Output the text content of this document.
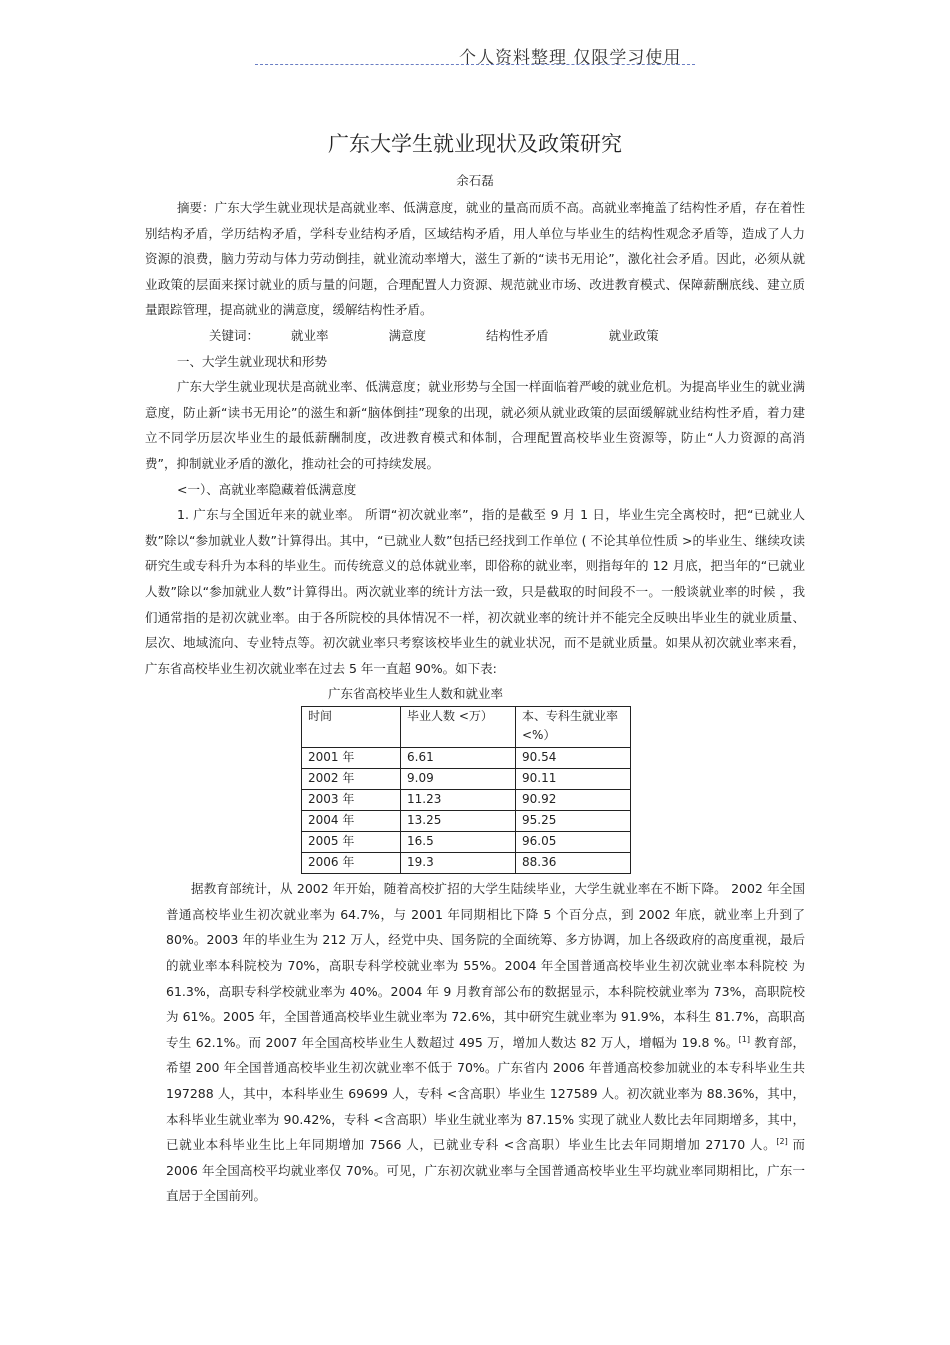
个人资料整理 仅限学习使用
广东大学生就业现状及政策研究
余石磊

摘要：广东大学生就业现状是高就业率、低满意度，就业的量高而质不高。高就业率掩盖了结构性矛盾，存在着性别结构矛盾，学历结构矛盾，学科专业结构矛盾，区域结构矛盾，用人单位与毕业生的结构性观念矛盾等，造成了人力资源的浪费，脑力劳动与体力劳动倒挂，就业流动率增大，滋生了新的“读书无用论”，激化社会矛盾。因此，必须从就业政策的层面来探讨就业的质与量的问题，合理配置人力资源、规范就业市场、改进教育模式、保障薪酬底线、建立质量跟踪管理，提高就业的满意度，缓解结构性矛盾。

关键词：	就业率	满意度	结构性矛盾	就业政策

一、大学生就业现状和形势

广东大学生就业现状是高就业率、低满意度；就业形势与全国一样面临着严峻的就业危机。为提高毕业生的就业满意度，防止新“读书无用论”的滋生和新“脑体倒挂”现象的出现，就必须从就业政策的层面缓解就业结构性矛盾，着力建立不同学历层次毕业生的最低薪酬制度，改进教育模式和体制，合理配置高校毕业生资源等，防止“人力资源的高消费”，抑制就业矛盾的激化，推动社会的可持续发展。

<一）、高就业率隐藏着低满意度

1. 广东与全国近年来的就业率。 所谓“初次就业率”，指的是截至 9 月 1 日，毕业生完全离校时，把“已就业人数”除以“参加就业人数”计算得出。其中，“已就业人数”包括已经找到工作单位 ( 不论其单位性质 >的毕业生、继续攻读研究生或专科升为本科的毕业生。而传统意义的总体就业率，即俗称的就业率，则指每年的 12 月底，把当年的“已就业人数”除以“参加就业人数”计算得出。两次就业率的统计方法一致，只是截取的时间段不一。一般谈就业率的时候 ，我们通常指的是初次就业率。由于各所院校的具体情况不一样，初次就业率的统计并不能完全反映出毕业生的就业质量、层次、地域流向、专业特点等。初次就业率只考察该校毕业生的就业状况，而不是就业质量。如果从初次就业率来看，广东省高校毕业生初次就业率在过去 5 年一直超 90%。如下表:

广东省高校毕业生人数和就业率
时间	毕业人数 <万）	本、专科生就业率 <%）
2001 年	6.61	90.54
2002 年	9.09	90.11
2003 年	11.23	90.92
2004 年	13.25	95.25
2005 年	16.5	96.05
2006 年	19.3	88.36

据教育部统计，从 2002 年开始，随着高校扩招的大学生陆续毕业，大学生就业率在不断下降。 2002 年全国普通高校毕业生初次就业率为 64.7%，与 2001 年同期相比下降 5 个百分点，到 2002 年底，就业率上升到了 80%。2003 年的毕业生为 212 万人，经党中央、国务院的全面统筹、多方协调，加上各级政府的高度重视，最后的就业率本科院校为 70%，高职专科学校就业率为 55%。2004 年全国普通高校毕业生初次就业率本科院校 为 61.3%，高职专科学校就业率为 40%。2004 年 9 月教育部公布的数据显示，本科院校就业率为 73%，高职院校为 61%。2005 年，全国普通高校毕业生就业率为 72.6%，其中研究生就业率为 91.9%，本科生 81.7%，高职高专生 62.1%。而 2007 年全国高校毕业生人数超过 495 万，增加人数达 82 万人，增幅为 19.8 %。[1] 教育部，希望 200 年全国普通高校毕业生初次就业率不低于 70%。广东省内 2006 年普通高校参加就业的本专科毕业生共 197288 人，其中，本科毕业生 69699 人，专科 <含高职）毕业生 127589 人。初次就业率为 88.36%，其中，本科毕业生就业率为 90.42%，专科 <含高职）毕业生就业率为 87.15% 实现了就业人数比去年同期增多，其中，已就业本科毕业生比上年同期增加 7566 人，已就业专科 <含高职）毕业生比去年同期增加 27170 人。[2] 而 2006 年全国高校平均就业率仅 70%。可见，广东初次就业率与全国普通高校毕业生平均就业率同期相比，广东一直居于全国前列。
